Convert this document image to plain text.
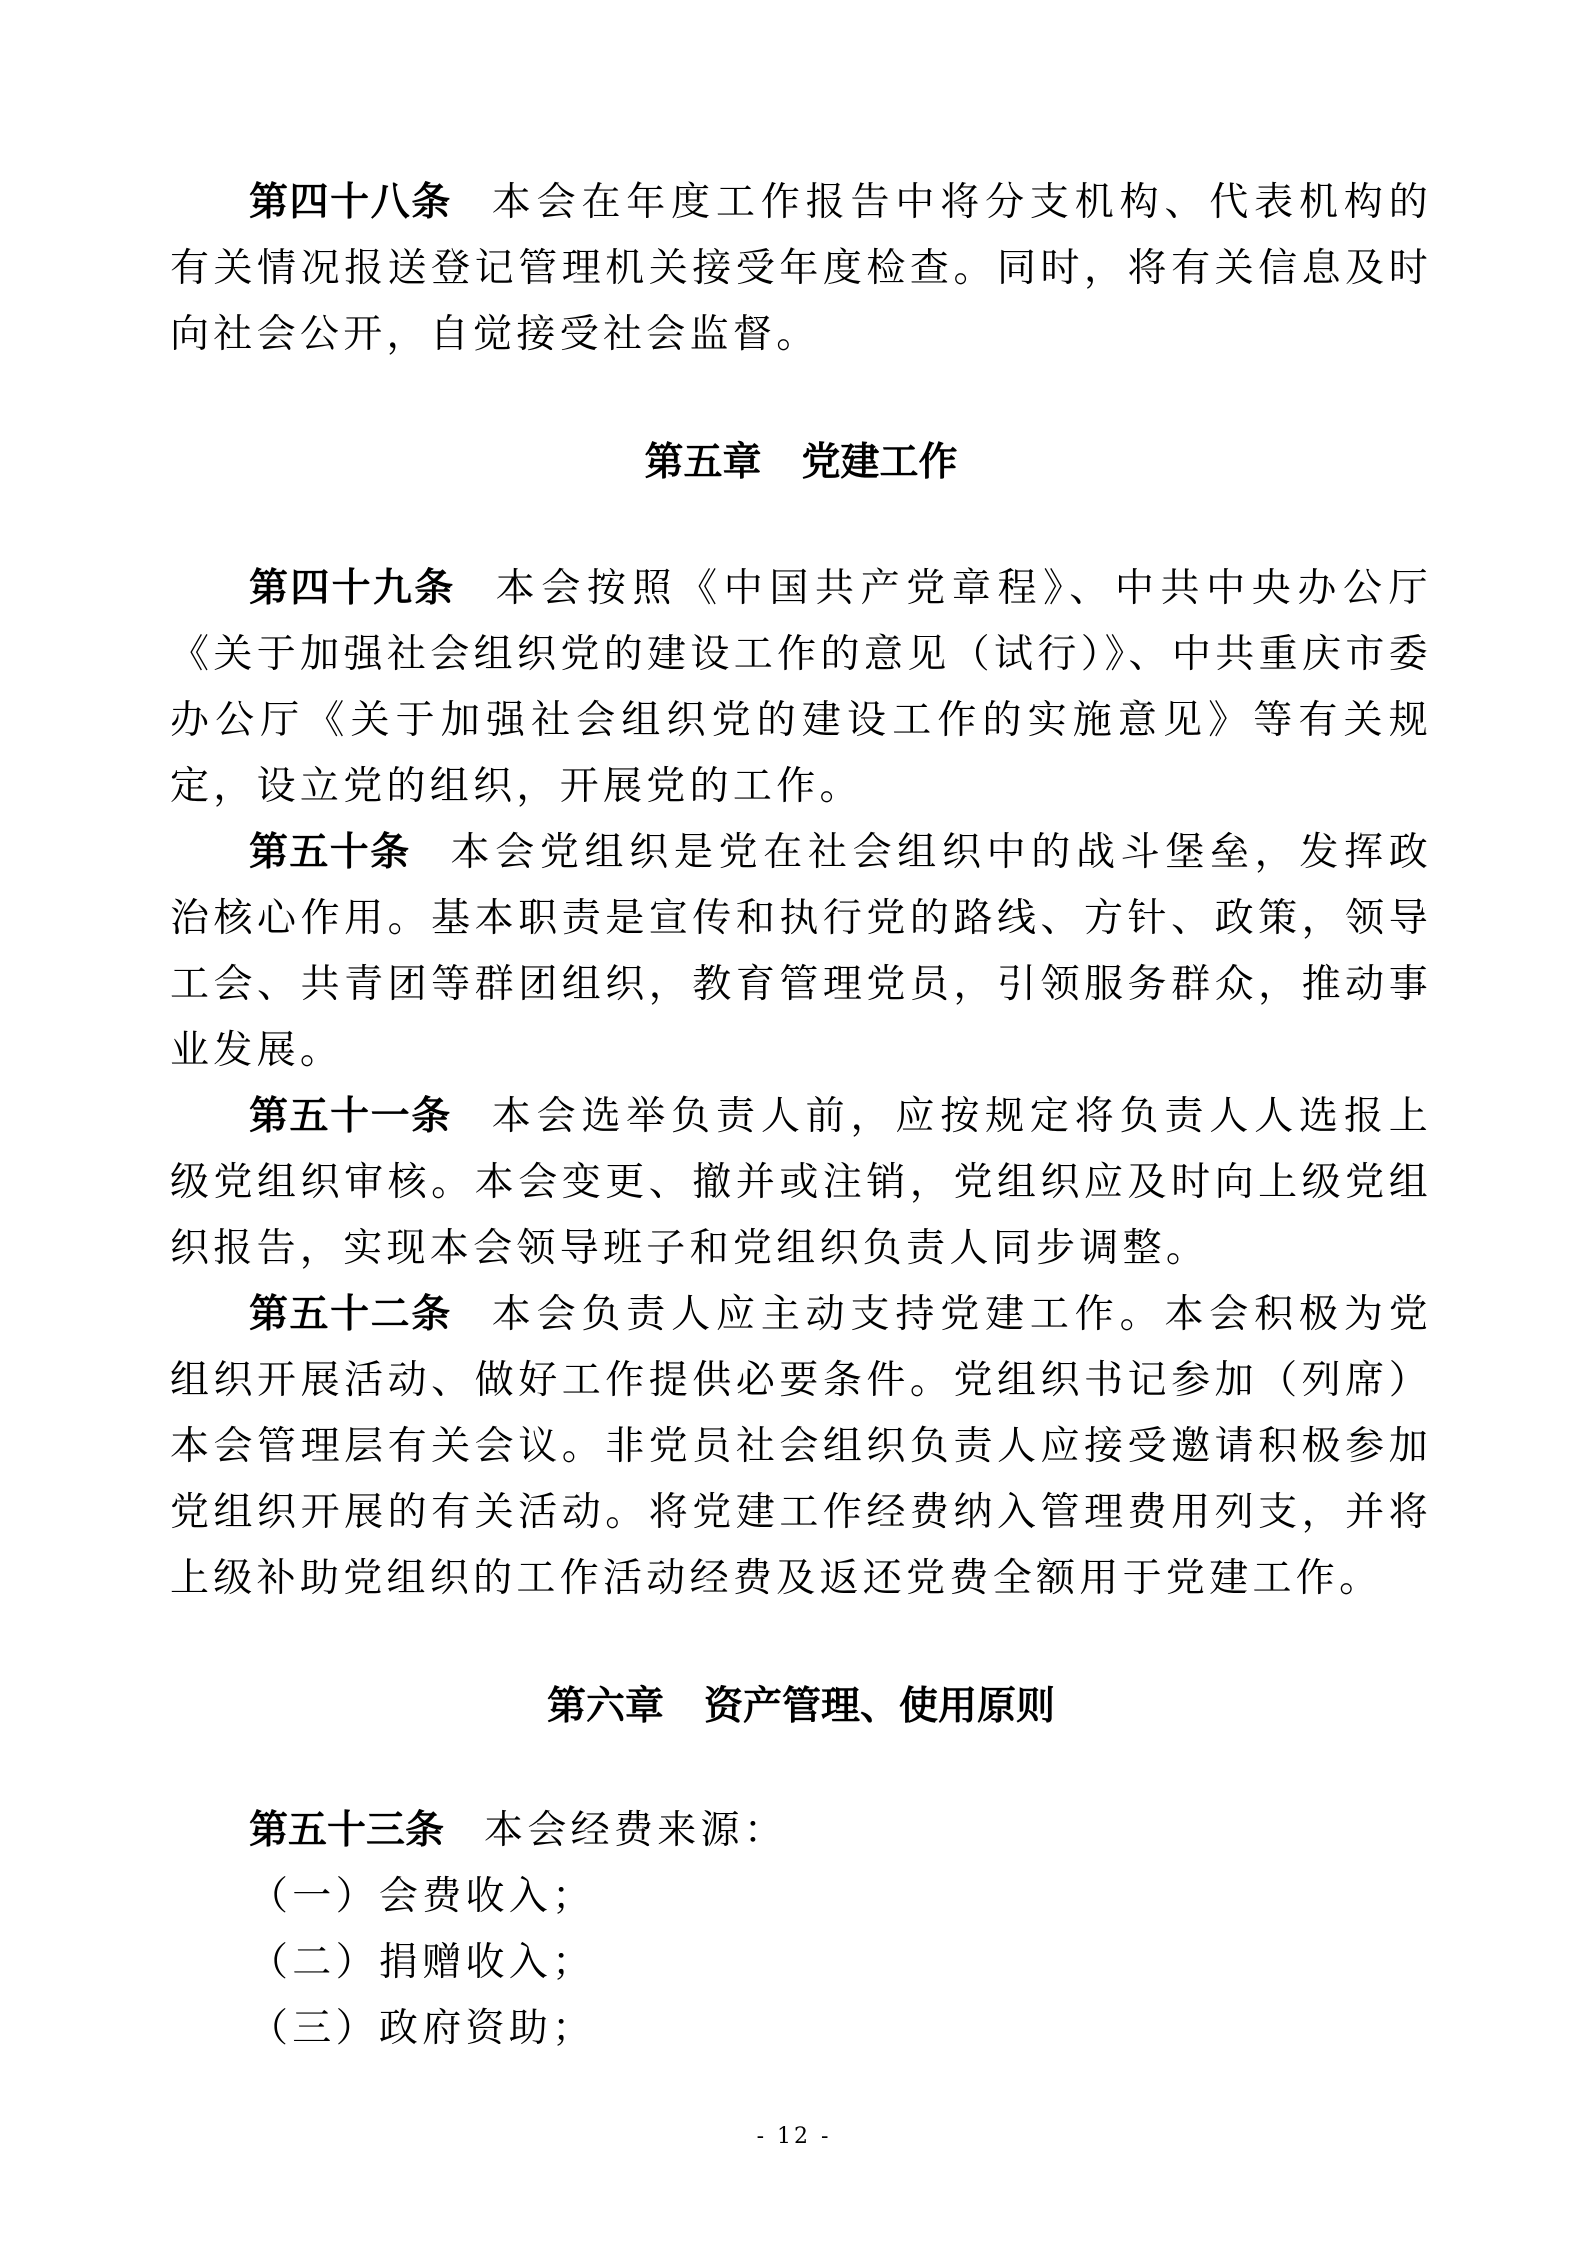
第四十八条 本会在年度工作报告中将分支机构、代表机构的有关情况报送登记管理机关接受年度检查。同时，将有关信息及时向社会公开，自觉接受社会监督。

第五章 党建工作

第四十九条 本会按照《中国共产党章程》、中共中央办公厅《关于加强社会组织党的建设工作的意见（试行）》、中共重庆市委办公厅《关于加强社会组织党的建设工作的实施意见》等有关规定，设立党的组织，开展党的工作。

第五十条 本会党组织是党在社会组织中的战斗堡垒，发挥政治核心作用。基本职责是宣传和执行党的路线、方针、政策，领导工会、共青团等群团组织，教育管理党员，引领服务群众，推动事业发展。

第五十一条 本会选举负责人前，应按规定将负责人人选报上级党组织审核。本会变更、撤并或注销，党组织应及时向上级党组织报告，实现本会领导班子和党组织负责人同步调整。

第五十二条 本会负责人应主动支持党建工作。本会积极为党组织开展活动、做好工作提供必要条件。党组织书记参加（列席）本会管理层有关会议。非党员社会组织负责人应接受邀请积极参加党组织开展的有关活动。将党建工作经费纳入管理费用列支，并将上级补助党组织的工作活动经费及返还党费全额用于党建工作。

第六章 资产管理、使用原则

第五十三条 本会经费来源：

（一）会费收入；

（二）捐赠收入；

（三）政府资助；

- 12 -
